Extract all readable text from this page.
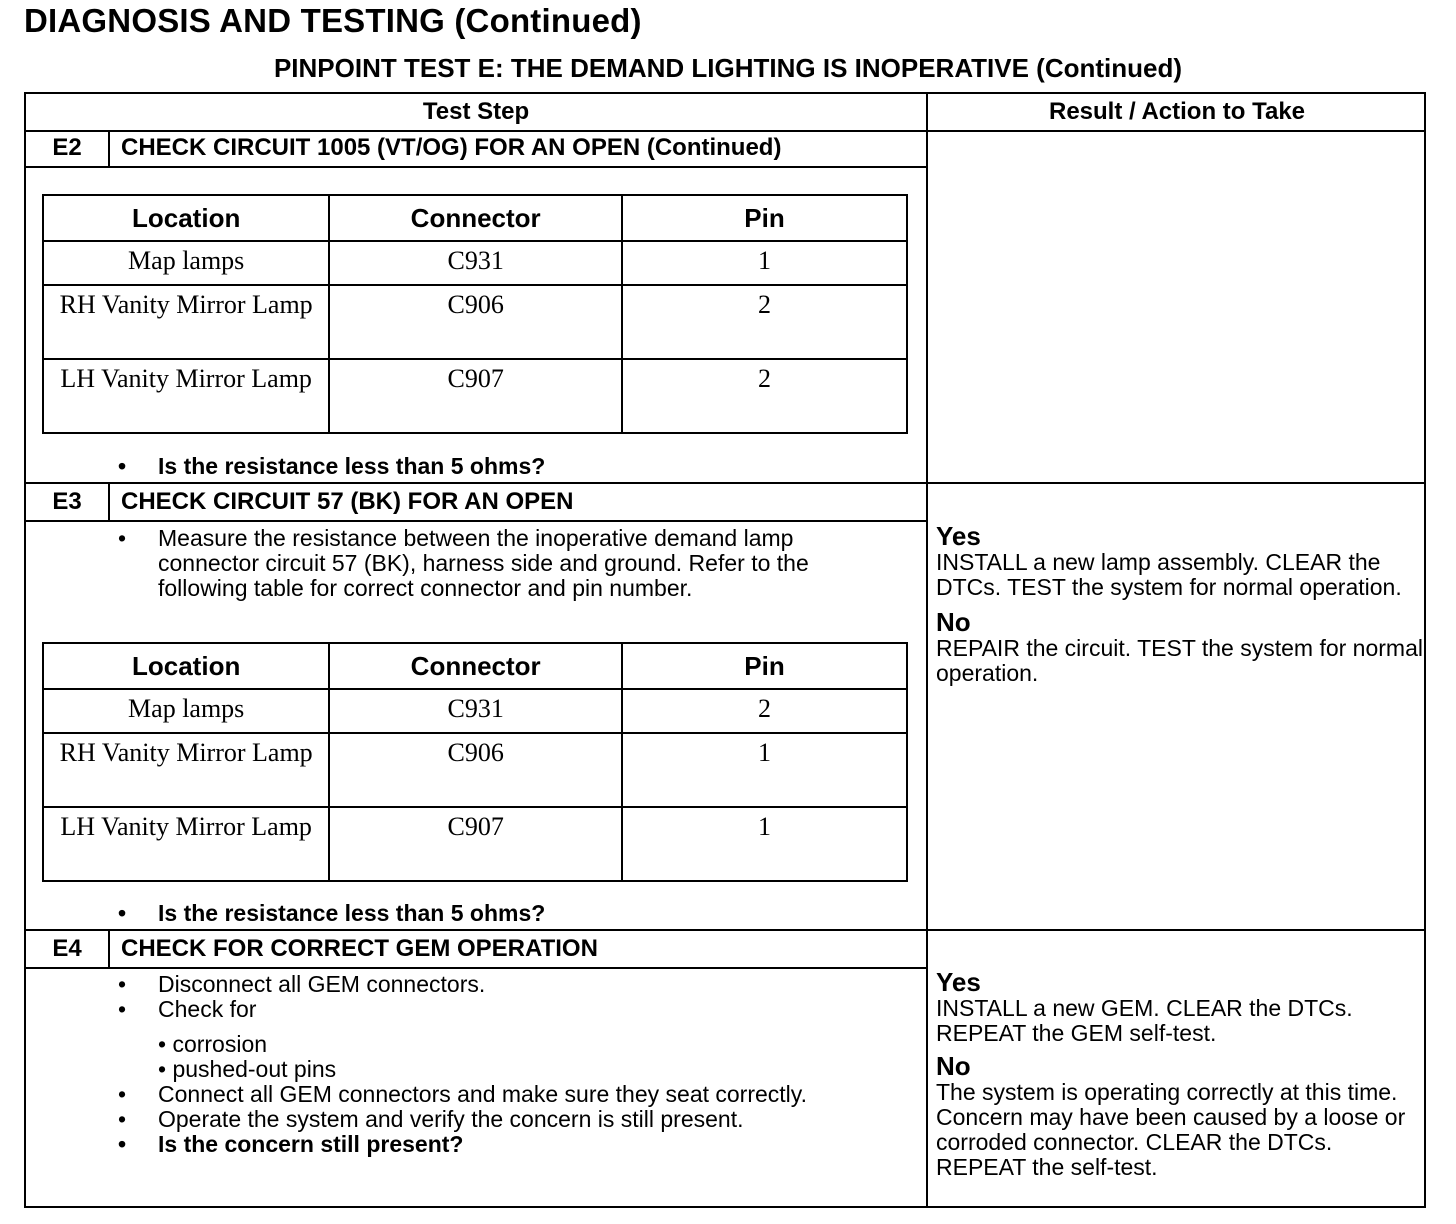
DIAGNOSIS AND TESTING (Continued)
PINPOINT TEST E: THE DEMAND LIGHTING IS INOPERATIVE (Continued)
Test Step	Result / Action to Take
E2	CHECK CIRCUIT 1005 (VT/OG) FOR AN OPEN (Continued)
Location	Connector	Pin
Map lamps	C931	1
RH Vanity Mirror Lamp	C906	2
LH Vanity Mirror Lamp	C907	2
• Is the resistance less than 5 ohms?
E3	CHECK CIRCUIT 57 (BK) FOR AN OPEN
• Measure the resistance between the inoperative demand lamp connector circuit 57 (BK), harness side and ground. Refer to the following table for correct connector and pin number.
Location	Connector	Pin
Map lamps	C931	2
RH Vanity Mirror Lamp	C906	1
LH Vanity Mirror Lamp	C907	1
• Is the resistance less than 5 ohms?
Yes
INSTALL a new lamp assembly. CLEAR the DTCs. TEST the system for normal operation.
No
REPAIR the circuit. TEST the system for normal operation.
E4	CHECK FOR CORRECT GEM OPERATION
• Disconnect all GEM connectors.
• Check for
• corrosion
• pushed-out pins
• Connect all GEM connectors and make sure they seat correctly.
• Operate the system and verify the concern is still present.
• Is the concern still present?
Yes
INSTALL a new GEM. CLEAR the DTCs. REPEAT the GEM self-test.
No
The system is operating correctly at this time. Concern may have been caused by a loose or corroded connector. CLEAR the DTCs. REPEAT the self-test.
